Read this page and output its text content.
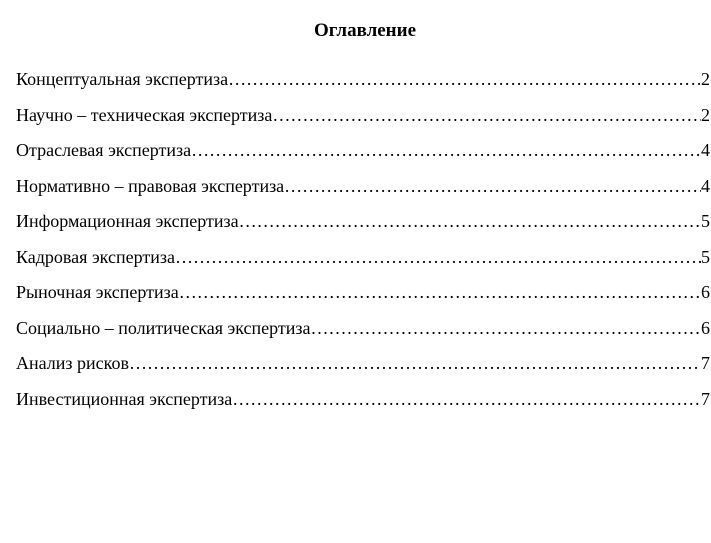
Оглавление
Концептуальная экспертиза ……………………………………………………………………………………………………………………………………	2
Научно – техническая экспертиза ……………………………………………………………………………………………………………………………………	2
Отраслевая экспертиза ……………………………………………………………………………………………………………………………………	4
Нормативно – правовая экспертиза ……………………………………………………………………………………………………………………………………	4
Информационная экспертиза ……………………………………………………………………………………………………………………………………	5
Кадровая экспертиза ……………………………………………………………………………………………………………………………………	5
Рыночная экспертиза ……………………………………………………………………………………………………………………………………	6
Социально – политическая экспертиза ……………………………………………………………………………………………………………………………………	6
Анализ рисков ……………………………………………………………………………………………………………………………………	7
Инвестиционная экспертиза ……………………………………………………………………………………………………………………………………	7
